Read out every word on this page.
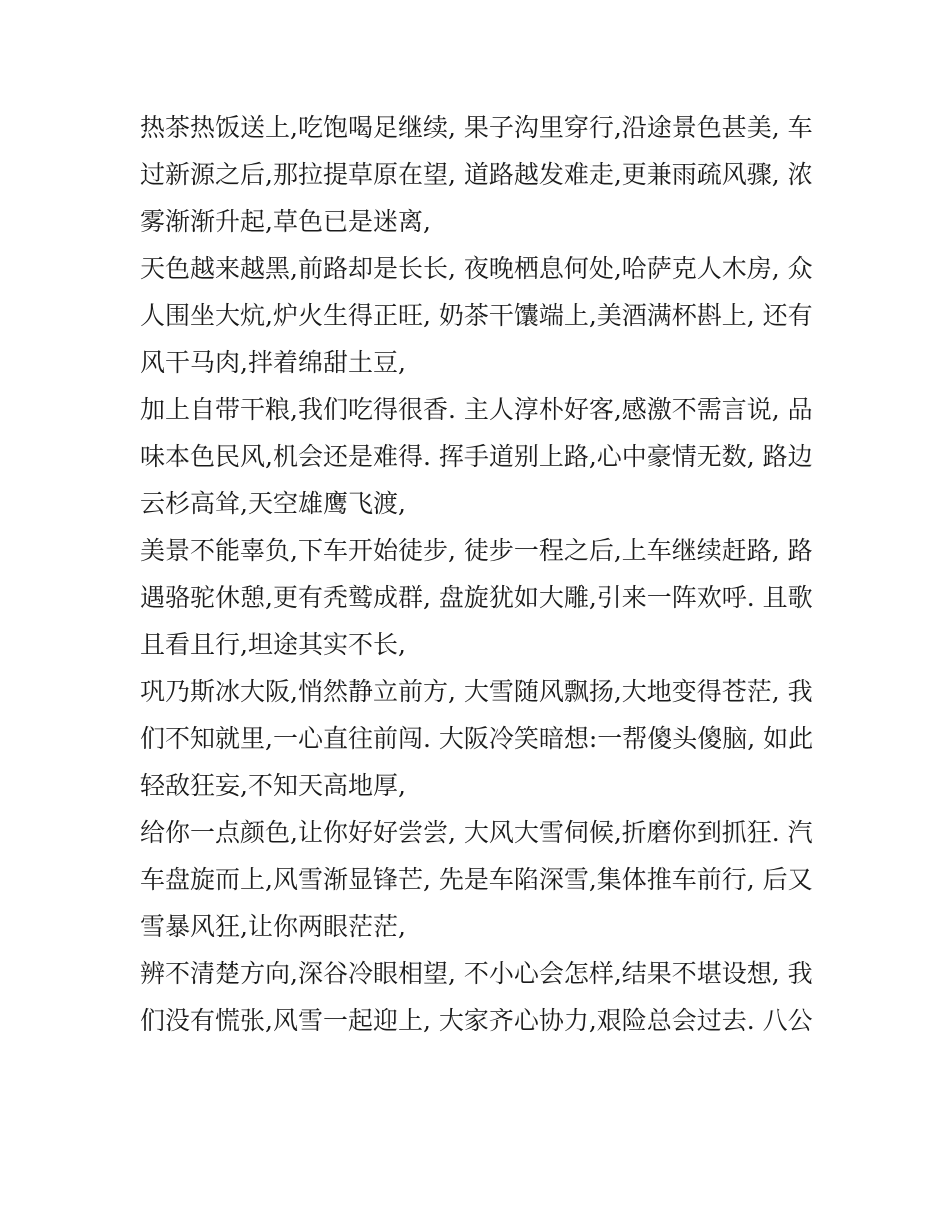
热茶热饭送上,吃饱喝足继续, 果子沟里穿行,沿途景色甚美, 车
过新源之后,那拉提草原在望, 道路越发难走,更兼雨疏风骤, 浓
雾渐渐升起,草色已是迷离,
天色越来越黑,前路却是长长, 夜晚栖息何处,哈萨克人木房, 众
人围坐大炕,炉火生得正旺, 奶茶干馕端上,美酒满杯斟上, 还有
风干马肉,拌着绵甜土豆,
加上自带干粮,我们吃得很香. 主人淳朴好客,感激不需言说, 品
味本色民风,机会还是难得. 挥手道别上路,心中豪情无数, 路边
云杉高耸,天空雄鹰飞渡,
美景不能辜负,下车开始徒步, 徒步一程之后,上车继续赶路, 路
遇骆驼休憩,更有秃鹫成群, 盘旋犹如大雕,引来一阵欢呼. 且歌
且看且行,坦途其实不长,
巩乃斯冰大阪,悄然静立前方, 大雪随风飘扬,大地变得苍茫, 我
们不知就里,一心直往前闯. 大阪冷笑暗想:一帮傻头傻脑, 如此
轻敌狂妄,不知天高地厚,
给你一点颜色,让你好好尝尝, 大风大雪伺候,折磨你到抓狂. 汽
车盘旋而上,风雪渐显锋芒, 先是车陷深雪,集体推车前行, 后又
雪暴风狂,让你两眼茫茫,
辨不清楚方向,深谷冷眼相望, 不小心会怎样,结果不堪设想, 我
们没有慌张,风雪一起迎上, 大家齐心协力,艰险总会过去. 八公
